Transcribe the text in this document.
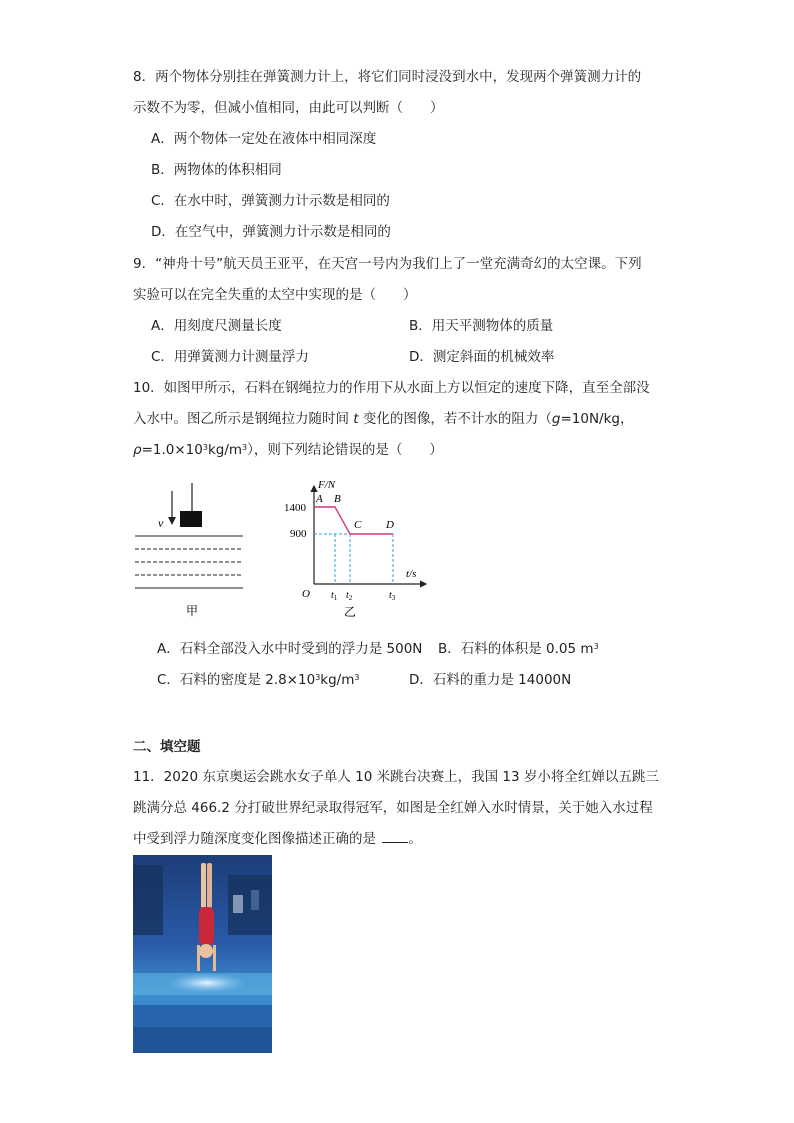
8．两个物体分别挂在弹簧测力计上，将它们同时浸没到水中，发现两个弹簧测力计的
示数不为零，但减小值相同，由此可以判断（　　）
A．两个物体一定处在液体中相同深度
B．两物体的体积相同
C．在水中时，弹簧测力计示数是相同的
D．在空气中，弹簧测力计示数是相同的
9．“神舟十号”航天员王亚平，在天宫一号内为我们上了一堂充满奇幻的太空课。下列
实验可以在完全失重的太空中实现的是（　　）
A．用刻度尺测量长度	B．用天平测物体的质量
C．用弹簧测力计测量浮力	D．测定斜面的机械效率
10．如图甲所示，石料在钢绳拉力的作用下从水面上方以恒定的速度下降，直至全部没
入水中。图乙所示是钢绳拉力随时间 t 变化的图像，若不计水的阻力（g=10N/kg，
$\rho=1.0\times 10^3kg/m^3$），则下列结论错误的是（　　）
v
甲
F/N
t/s
O
1400
900
A B
C D
$t_1$ $t_2$	$t_3$
乙
A．石料全部没入水中时受到的浮力是 500N B．石料的体积是 0.05 $m^3$
C．石料的密度是 $2.8\times 10^3kg/m^3$	D．石料的重力是 14000N
二、填空题
11．2020 东京奥运会跳水女子单人 10 米跳台决赛上，我国 13 岁小将全红婵以五跳三
跳满分总 466.2 分打破世界纪录取得冠军，如图是全红婵入水时情景，关于她入水过程
中受到浮力随深度变化图像描述正确的是 。
